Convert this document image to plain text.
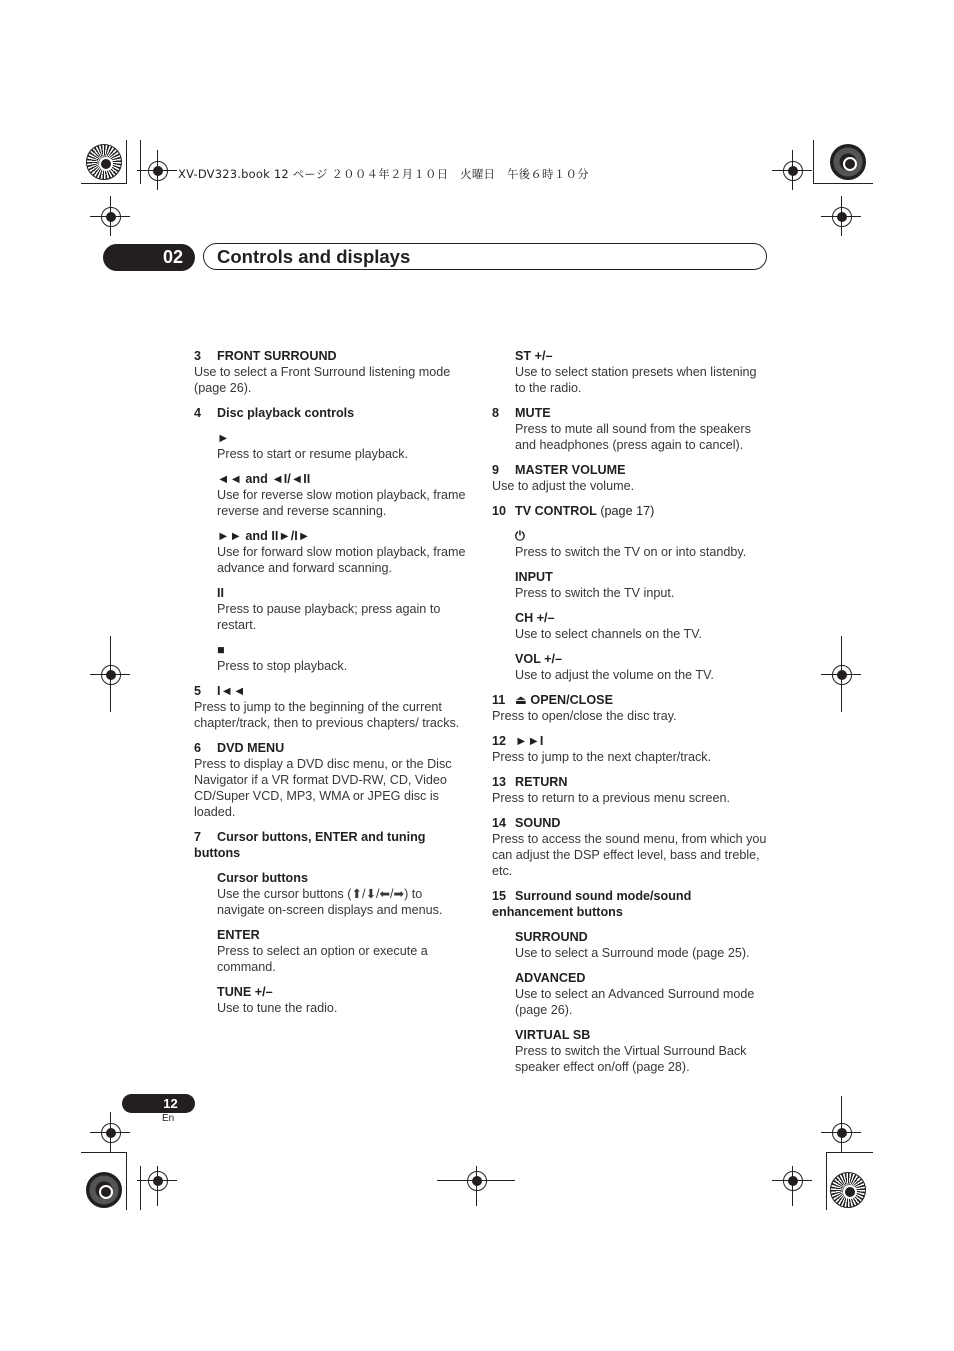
XV-DV323.book 12 ページ ２００４年２月１０日　火曜日　午後６時１０分
02	Controls and displays
3 FRONT SURROUND
Use to select a Front Surround listening mode (page 26).
4 Disc playback controls
►
Press to start or resume playback.
◄◄ and ◄I/◄II
Use for reverse slow motion playback, frame reverse and reverse scanning.
►► and II►/I►
Use for forward slow motion playback, frame advance and forward scanning.
II
Press to pause playback; press again to restart.
■
Press to stop playback.
5 I◄◄
Press to jump to the beginning of the current chapter/track, then to previous chapters/ tracks.
6 DVD MENU
Press to display a DVD disc menu, or the Disc Navigator if a VR format DVD-RW, CD, Video CD/Super VCD, MP3, WMA or JPEG disc is loaded.
7 Cursor buttons, ENTER and tuning buttons
Cursor buttons
Use the cursor buttons (⬆/⬇/⬅/➡) to navigate on-screen displays and menus.
ENTER
Press to select an option or execute a command.
TUNE +/–
Use to tune the radio.
ST +/–
Use to select station presets when listening to the radio.
8 MUTE
Press to mute all sound from the speakers and headphones (press again to cancel).
9 MASTER VOLUME
Use to adjust the volume.
10 TV CONTROL (page 17)
⏻
Press to switch the TV on or into standby.
INPUT
Press to switch the TV input.
CH +/–
Use to select channels on the TV.
VOL +/–
Use to adjust the volume on the TV.
11 ⏏ OPEN/CLOSE
Press to open/close the disc tray.
12 ►►I
Press to jump to the next chapter/track.
13 RETURN
Press to return to a previous menu screen.
14 SOUND
Press to access the sound menu, from which you can adjust the DSP effect level, bass and treble, etc.
15 Surround sound mode/sound enhancement buttons
SURROUND
Use to select a Surround mode (page 25).
ADVANCED
Use to select an Advanced Surround mode (page 26).
VIRTUAL SB
Press to switch the Virtual Surround Back speaker effect on/off (page 28).
12
En
